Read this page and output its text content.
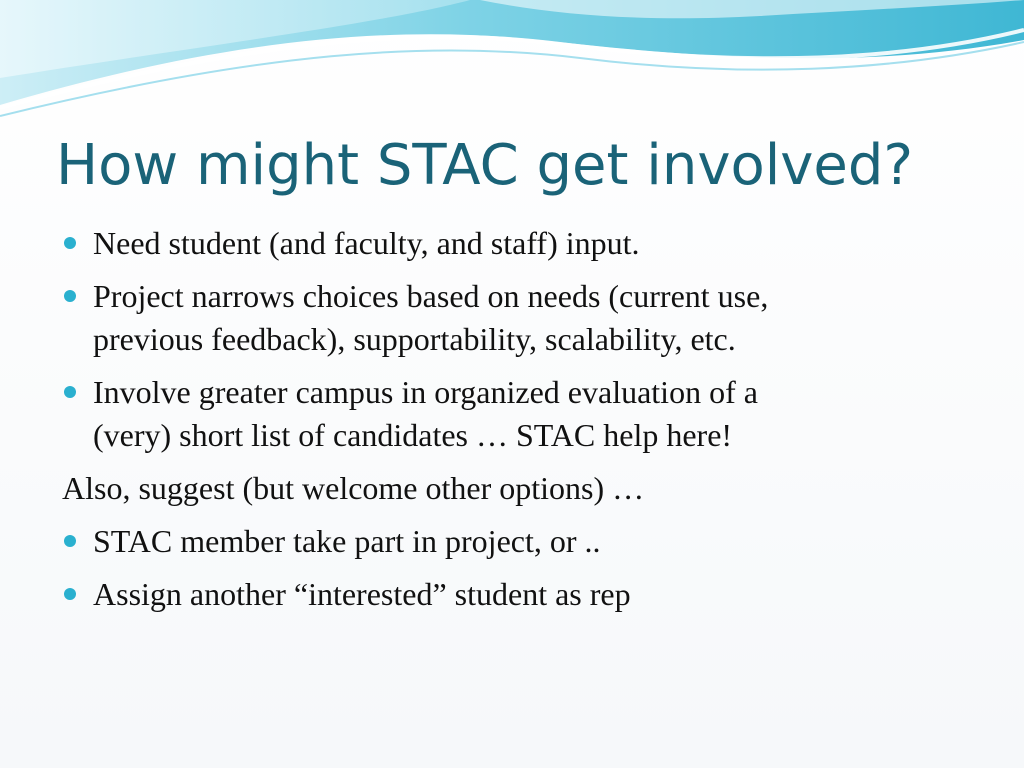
How might STAC get involved?
Need student (and faculty, and staff) input.
Project narrows choices based on needs (current use,
previous feedback), supportability, scalability, etc.
Involve greater campus in organized evaluation of a
(very) short list of candidates … STAC help here!
Also, suggest (but welcome other options) …
STAC member take part in project, or ..
Assign another “interested” student as rep
